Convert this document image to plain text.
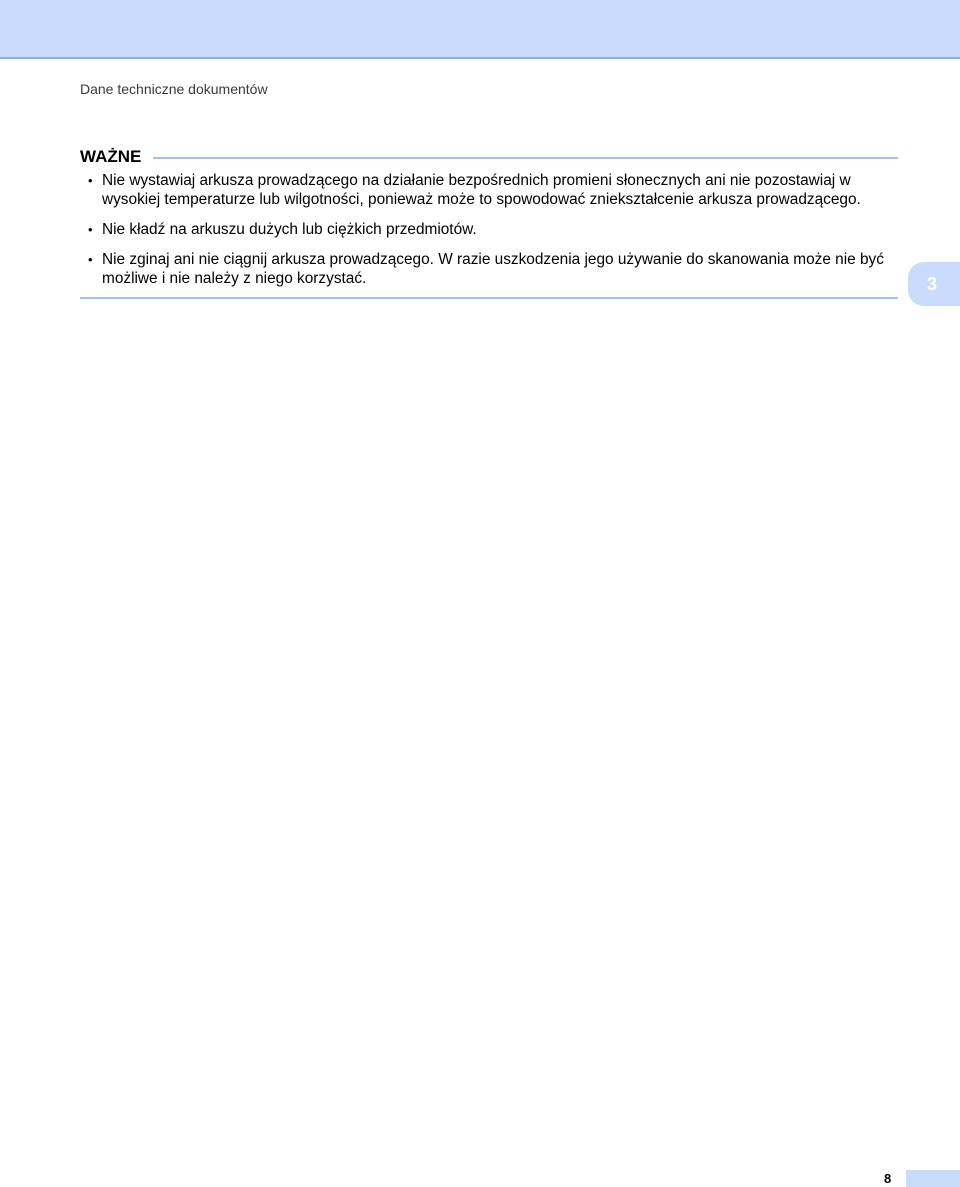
Dane techniczne dokumentów
WAŻNE
• Nie wystawiaj arkusza prowadzącego na działanie bezpośrednich promieni słonecznych ani nie pozostawiaj w wysokiej temperaturze lub wilgotności, ponieważ może to spowodować zniekształcenie arkusza prowadzącego.
• Nie kładź na arkuszu dużych lub ciężkich przedmiotów.
• Nie zginaj ani nie ciągnij arkusza prowadzącego. W razie uszkodzenia jego używanie do skanowania może nie być możliwe i nie należy z niego korzystać.	3
8
